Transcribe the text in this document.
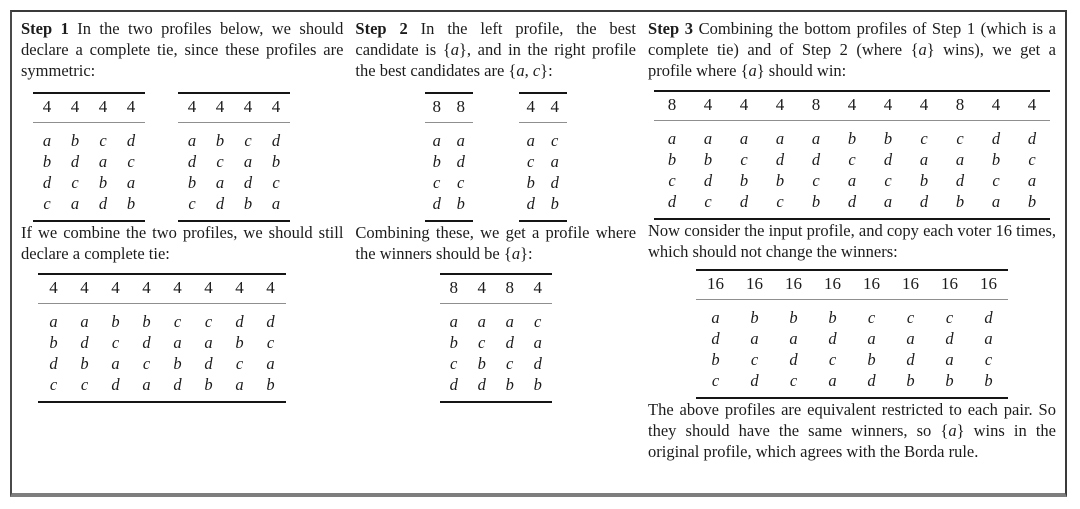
Step 1 In the two profiles below, we should declare a complete tie, since these profiles are symmetric:

4	4	4	4
a	b	c	d
b	d	a	c
d	c	b	a
c	a	d	b
4	4	4	4
a	b	c	d
d	c	a	b
b	a	d	c
c	d	b	a

If we combine the two profiles, we should still declare a complete tie:

4	4	4	4	4	4	4	4
a	a	b	b	c	c	d	d
b	d	c	d	a	a	b	c
d	b	a	c	b	d	c	a
c	c	d	a	d	b	a	b

Step 2 In the left profile, the best candidate is {a}, and in the right profile the best candidates are {a, c}:

8	8
a	a
b	d
c	c
d	b
4	4
a	c
c	a
b	d
d	b

Combining these, we get a profile where the winners should be {a}:

8	4	8	4
a	a	a	c
b	c	d	a
c	b	c	d
d	d	b	b

Step 3 Combining the bottom profiles of Step 1 (which is a complete tie) and of Step 2 (where {a} wins), we get a profile where {a} should win:

8	4	4	4	8	4	4	4	8	4	4
a	a	a	a	a	b	b	c	c	d	d
b	b	c	d	d	c	d	a	a	b	c
c	d	b	b	c	a	c	b	d	c	a
d	c	d	c	b	d	a	d	b	a	b

Now consider the input profile, and copy each voter 16 times, which should not change the winners:

16	16	16	16	16	16	16	16
a	b	b	b	c	c	c	d
d	a	a	d	a	a	d	a
b	c	d	c	b	d	a	c
c	d	c	a	d	b	b	b

The above profiles are equivalent restricted to each pair. So they should have the same winners, so {a} wins in the original profile, which agrees with the Borda rule.
